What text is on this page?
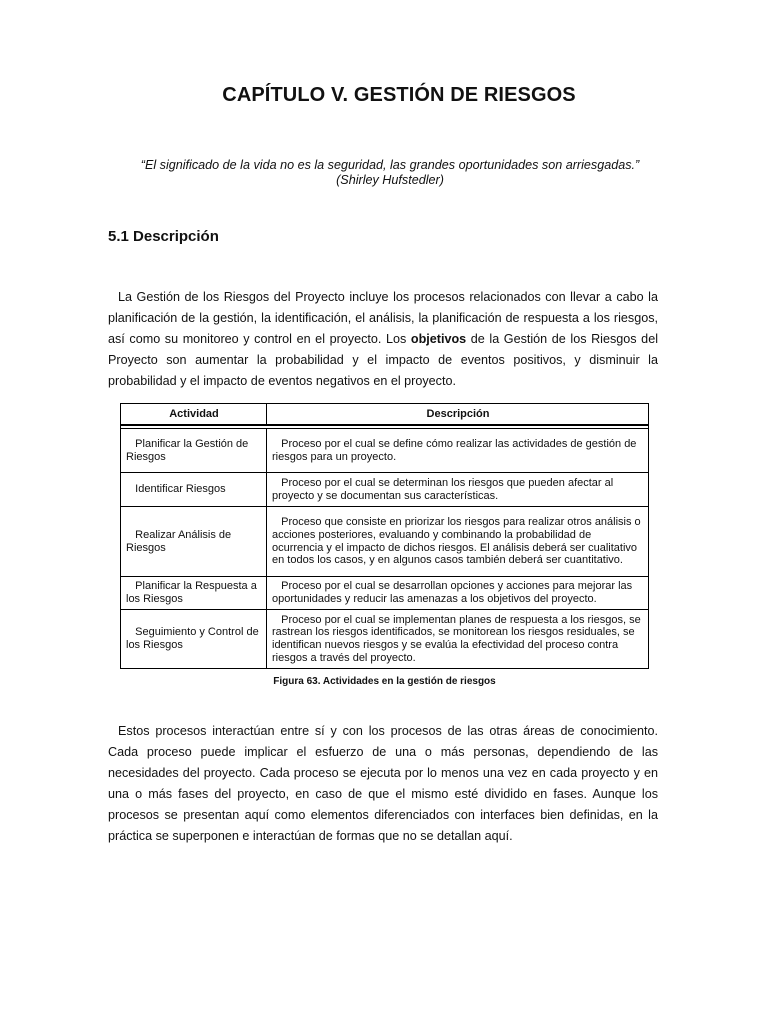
CAPÍTULO V. GESTIÓN DE RIESGOS
“El significado de la vida no es la seguridad, las grandes oportunidades son arriesgadas.”
(Shirley Hufstedler)
5.1 Descripción
La Gestión de los Riesgos del Proyecto incluye los procesos relacionados con llevar a cabo la planificación de la gestión, la identificación, el análisis, la planificación de respuesta a los riesgos, así como su monitoreo y control en el proyecto. Los objetivos de la Gestión de los Riesgos del Proyecto son aumentar la probabilidad y el impacto de eventos positivos, y disminuir la probabilidad y el impacto de eventos negativos en el proyecto.
Actividad	Descripción

Planificar la Gestión de Riesgos	Proceso por el cual se define cómo realizar las actividades de gestión de riesgos para un proyecto.
Identificar Riesgos	Proceso por el cual se determinan los riesgos que pueden afectar al proyecto y se documentan sus características.
Realizar Análisis de Riesgos	Proceso que consiste en priorizar los riesgos para realizar otros análisis o acciones posteriores, evaluando y combinando la probabilidad de ocurrencia y el impacto de dichos riesgos. El análisis deberá ser cualitativo en todos los casos, y en algunos casos también deberá ser cuantitativo.
Planificar la Respuesta a los Riesgos	Proceso por el cual se desarrollan opciones y acciones para mejorar las oportunidades y reducir las amenazas a los objetivos del proyecto.
Seguimiento y Control de los Riesgos	Proceso por el cual se implementan planes de respuesta a los riesgos, se rastrean los riesgos identificados, se monitorean los riesgos residuales, se identifican nuevos riesgos y se evalúa la efectividad del proceso contra riesgos a través del proyecto.
Figura 63. Actividades en la gestión de riesgos
Estos procesos interactúan entre sí y con los procesos de las otras áreas de conocimiento. Cada proceso puede implicar el esfuerzo de una o más personas, dependiendo de las necesidades del proyecto. Cada proceso se ejecuta por lo menos una vez en cada proyecto y en una o más fases del proyecto, en caso de que el mismo esté dividido en fases. Aunque los procesos se presentan aquí como elementos diferenciados con interfaces bien definidas, en la práctica se superponen e interactúan de formas que no se detallan aquí.
